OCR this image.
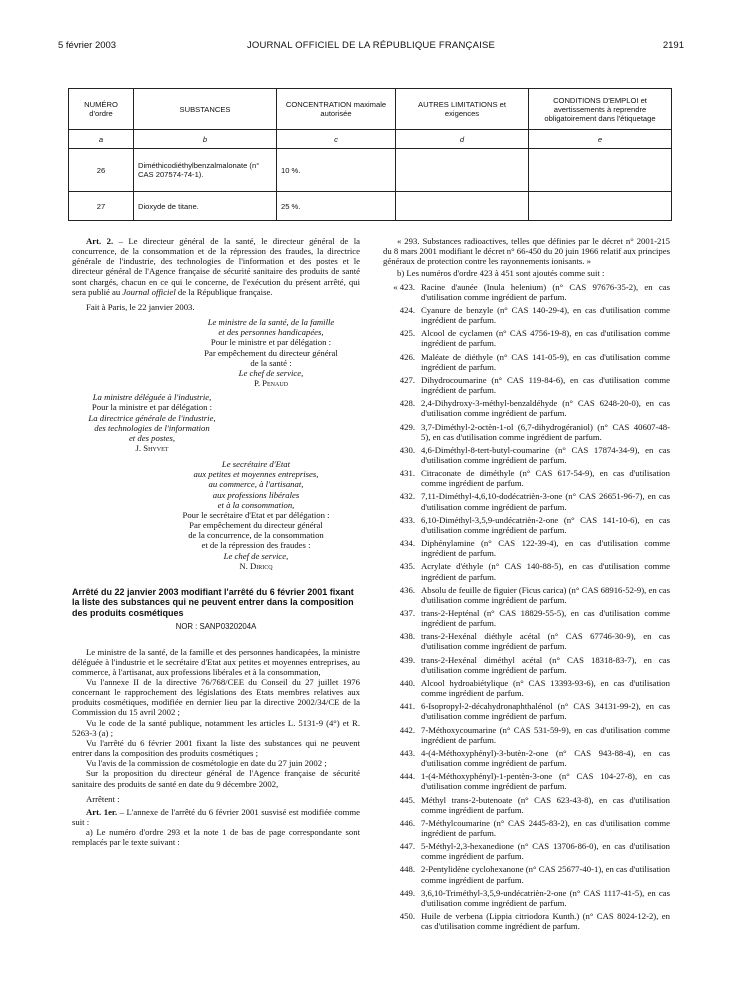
5 février 2003	JOURNAL OFFICIEL DE LA RÉPUBLIQUE FRANÇAISE	2191
NUMÉRO d'ordre	SUBSTANCES	CONCENTRATION maximale autorisée	AUTRES LIMITATIONS et exigences	CONDITIONS D'EMPLOI et avertissements à reprendre obligatoirement dans l'étiquetage
a	b	c	d	e
26	Diméthicodiéthylbenzalmalonate (n° CAS 207574-74-1).	10 %.		
27	Dioxyde de titane.	25 %.		

Art. 2. – Le directeur général de la santé, le directeur général de la concurrence, de la consommation et de la répression des fraudes, la directrice générale de l'industrie, des technologies de l'information et des postes et le directeur général de l'Agence française de sécurité sanitaire des produits de santé sont chargés, chacun en ce qui le concerne, de l'exécution du présent arrêté, qui sera publié au Journal officiel de la République française.

Fait à Paris, le 22 janvier 2003.

Le ministre de la santé, de la famille
et des personnes handicapées,
Pour le ministre et par délégation :
Par empêchement du directeur général
de la santé :
Le chef de service,
P. Penaud
La ministre déléguée à l'industrie,
Pour la ministre et par délégation :
La directrice générale de l'industrie,
des technologies de l'information
et des postes,
J. Shyvet
Le secrétaire d'Etat
aux petites et moyennes entreprises,
au commerce, à l'artisanat,
aux professions libérales
et à la consommation,
Pour le secrétaire d'Etat et par délégation :
Par empêchement du directeur général
de la concurrence, de la consommation
et de la répression des fraudes :
Le chef de service,
N. Diricq

Arrêté du 22 janvier 2003 modifiant l'arrêté du 6 février 2001 fixant la liste des substances qui ne peuvent entrer dans la composition des produits cosmétiques

NOR : SANP0320204A

Le ministre de la santé, de la famille et des personnes handicapées, la ministre déléguée à l'industrie et le secrétaire d'Etat aux petites et moyennes entreprises, au commerce, à l'artisanat, aux professions libérales et à la consommation,

Vu l'annexe II de la directive 76/768/CEE du Conseil du 27 juillet 1976 concernant le rapprochement des législations des Etats membres relatives aux produits cosmétiques, modifiée en dernier lieu par la directive 2002/34/CE de la Commission du 15 avril 2002 ;

Vu le code de la santé publique, notamment les articles L. 5131-9 (4°) et R. 5263-3 (a) ;

Vu l'arrêté du 6 février 2001 fixant la liste des substances qui ne peuvent entrer dans la composition des produits cosmétiques ;

Vu l'avis de la commission de cosmétologie en date du 27 juin 2002 ;

Sur la proposition du directeur général de l'Agence française de sécurité sanitaire des produits de santé en date du 9 décembre 2002,

Arrêtent :

Art. 1er. – L'annexe de l'arrêté du 6 février 2001 susvisé est modifiée comme suit :

a) Le numéro d'ordre 293 et la note 1 de bas de page correspondante sont remplacés par le texte suivant :

« 293. Substances radioactives, telles que définies par le décret n° 2001-215 du 8 mars 2001 modifiant le décret n° 66-450 du 20 juin 1966 relatif aux principes généraux de protection contre les rayonnements ionisants. »

b) Les numéros d'ordre 423 à 451 sont ajoutés comme suit :

« 423. Racine d'aunée (Inula helenium) (n° CAS 97676-35-2), en cas d'utilisation comme ingrédient de parfum.
424. Cyanure de benzyle (n° CAS 140-29-4), en cas d'utilisation comme ingrédient de parfum.
425. Alcool de cyclamen (n° CAS 4756-19-8), en cas d'utilisation comme ingrédient de parfum.
426. Maléate de diéthyle (n° CAS 141-05-9), en cas d'utilisation comme ingrédient de parfum.
427. Dihydrocoumarine (n° CAS 119-84-6), en cas d'utilisation comme ingrédient de parfum.
428. 2,4-Dihydroxy-3-méthyl-benzaldéhyde (n° CAS 6248-20-0), en cas d'utilisation comme ingrédient de parfum.
429. 3,7-Diméthyl-2-octèn-1-ol (6,7-dihydrogéraniol) (n° CAS 40607-48-5), en cas d'utilisation comme ingrédient de parfum.
430. 4,6-Diméthyl-8-tert-butyl-coumarine (n° CAS 17874-34-9), en cas d'utilisation comme ingrédient de parfum.
431. Citraconate de diméthyle (n° CAS 617-54-9), en cas d'utilisation comme ingrédient de parfum.
432. 7,11-Diméthyl-4,6,10-dodécatrièn-3-one (n° CAS 26651-96-7), en cas d'utilisation comme ingrédient de parfum.
433. 6,10-Diméthyl-3,5,9-undécatrièn-2-one (n° CAS 141-10-6), en cas d'utilisation comme ingrédient de parfum.
434. Diphénylamine (n° CAS 122-39-4), en cas d'utilisation comme ingrédient de parfum.
435. Acrylate d'éthyle (n° CAS 140-88-5), en cas d'utilisation comme ingrédient de parfum.
436. Absolu de feuille de figuier (Ficus carica) (n° CAS 68916-52-9), en cas d'utilisation comme ingrédient de parfum.
437. trans-2-Hepténal (n° CAS 18829-55-5), en cas d'utilisation comme ingrédient de parfum.
438. trans-2-Hexénal diéthyle acétal (n° CAS 67746-30-9), en cas d'utilisation comme ingrédient de parfum.
439. trans-2-Hexénal diméthyl acétal (n° CAS 18318-83-7), en cas d'utilisation comme ingrédient de parfum.
440. Alcool hydroabiétylique (n° CAS 13393-93-6), en cas d'utilisation comme ingrédient de parfum.
441. 6-Isopropyl-2-décahydronaphthalénol (n° CAS 34131-99-2), en cas d'utilisation comme ingrédient de parfum.
442. 7-Méthoxycoumarine (n° CAS 531-59-9), en cas d'utilisation comme ingrédient de parfum.
443. 4-(4-Méthoxyphényl)-3-butèn-2-one (n° CAS 943-88-4), en cas d'utilisation comme ingrédient de parfum.
444. 1-(4-Méthoxyphényl)-1-pentèn-3-one (n° CAS 104-27-8), en cas d'utilisation comme ingrédient de parfum.
445. Méthyl trans-2-butenoate (n° CAS 623-43-8), en cas d'utilisation comme ingrédient de parfum.
446. 7-Méthylcoumarine (n° CAS 2445-83-2), en cas d'utilisation comme ingrédient de parfum.
447. 5-Méthyl-2,3-hexanedione (n° CAS 13706-86-0), en cas d'utilisation comme ingrédient de parfum.
448. 2-Pentylidène cyclohexanone (n° CAS 25677-40-1), en cas d'utilisation comme ingrédient de parfum.
449. 3,6,10-Triméthyl-3,5,9-undécatrièn-2-one (n° CAS 1117-41-5), en cas d'utilisation comme ingrédient de parfum.
450. Huile de verbena (Lippia citriodora Kunth.) (n° CAS 8024-12-2), en cas d'utilisation comme ingrédient de parfum.
